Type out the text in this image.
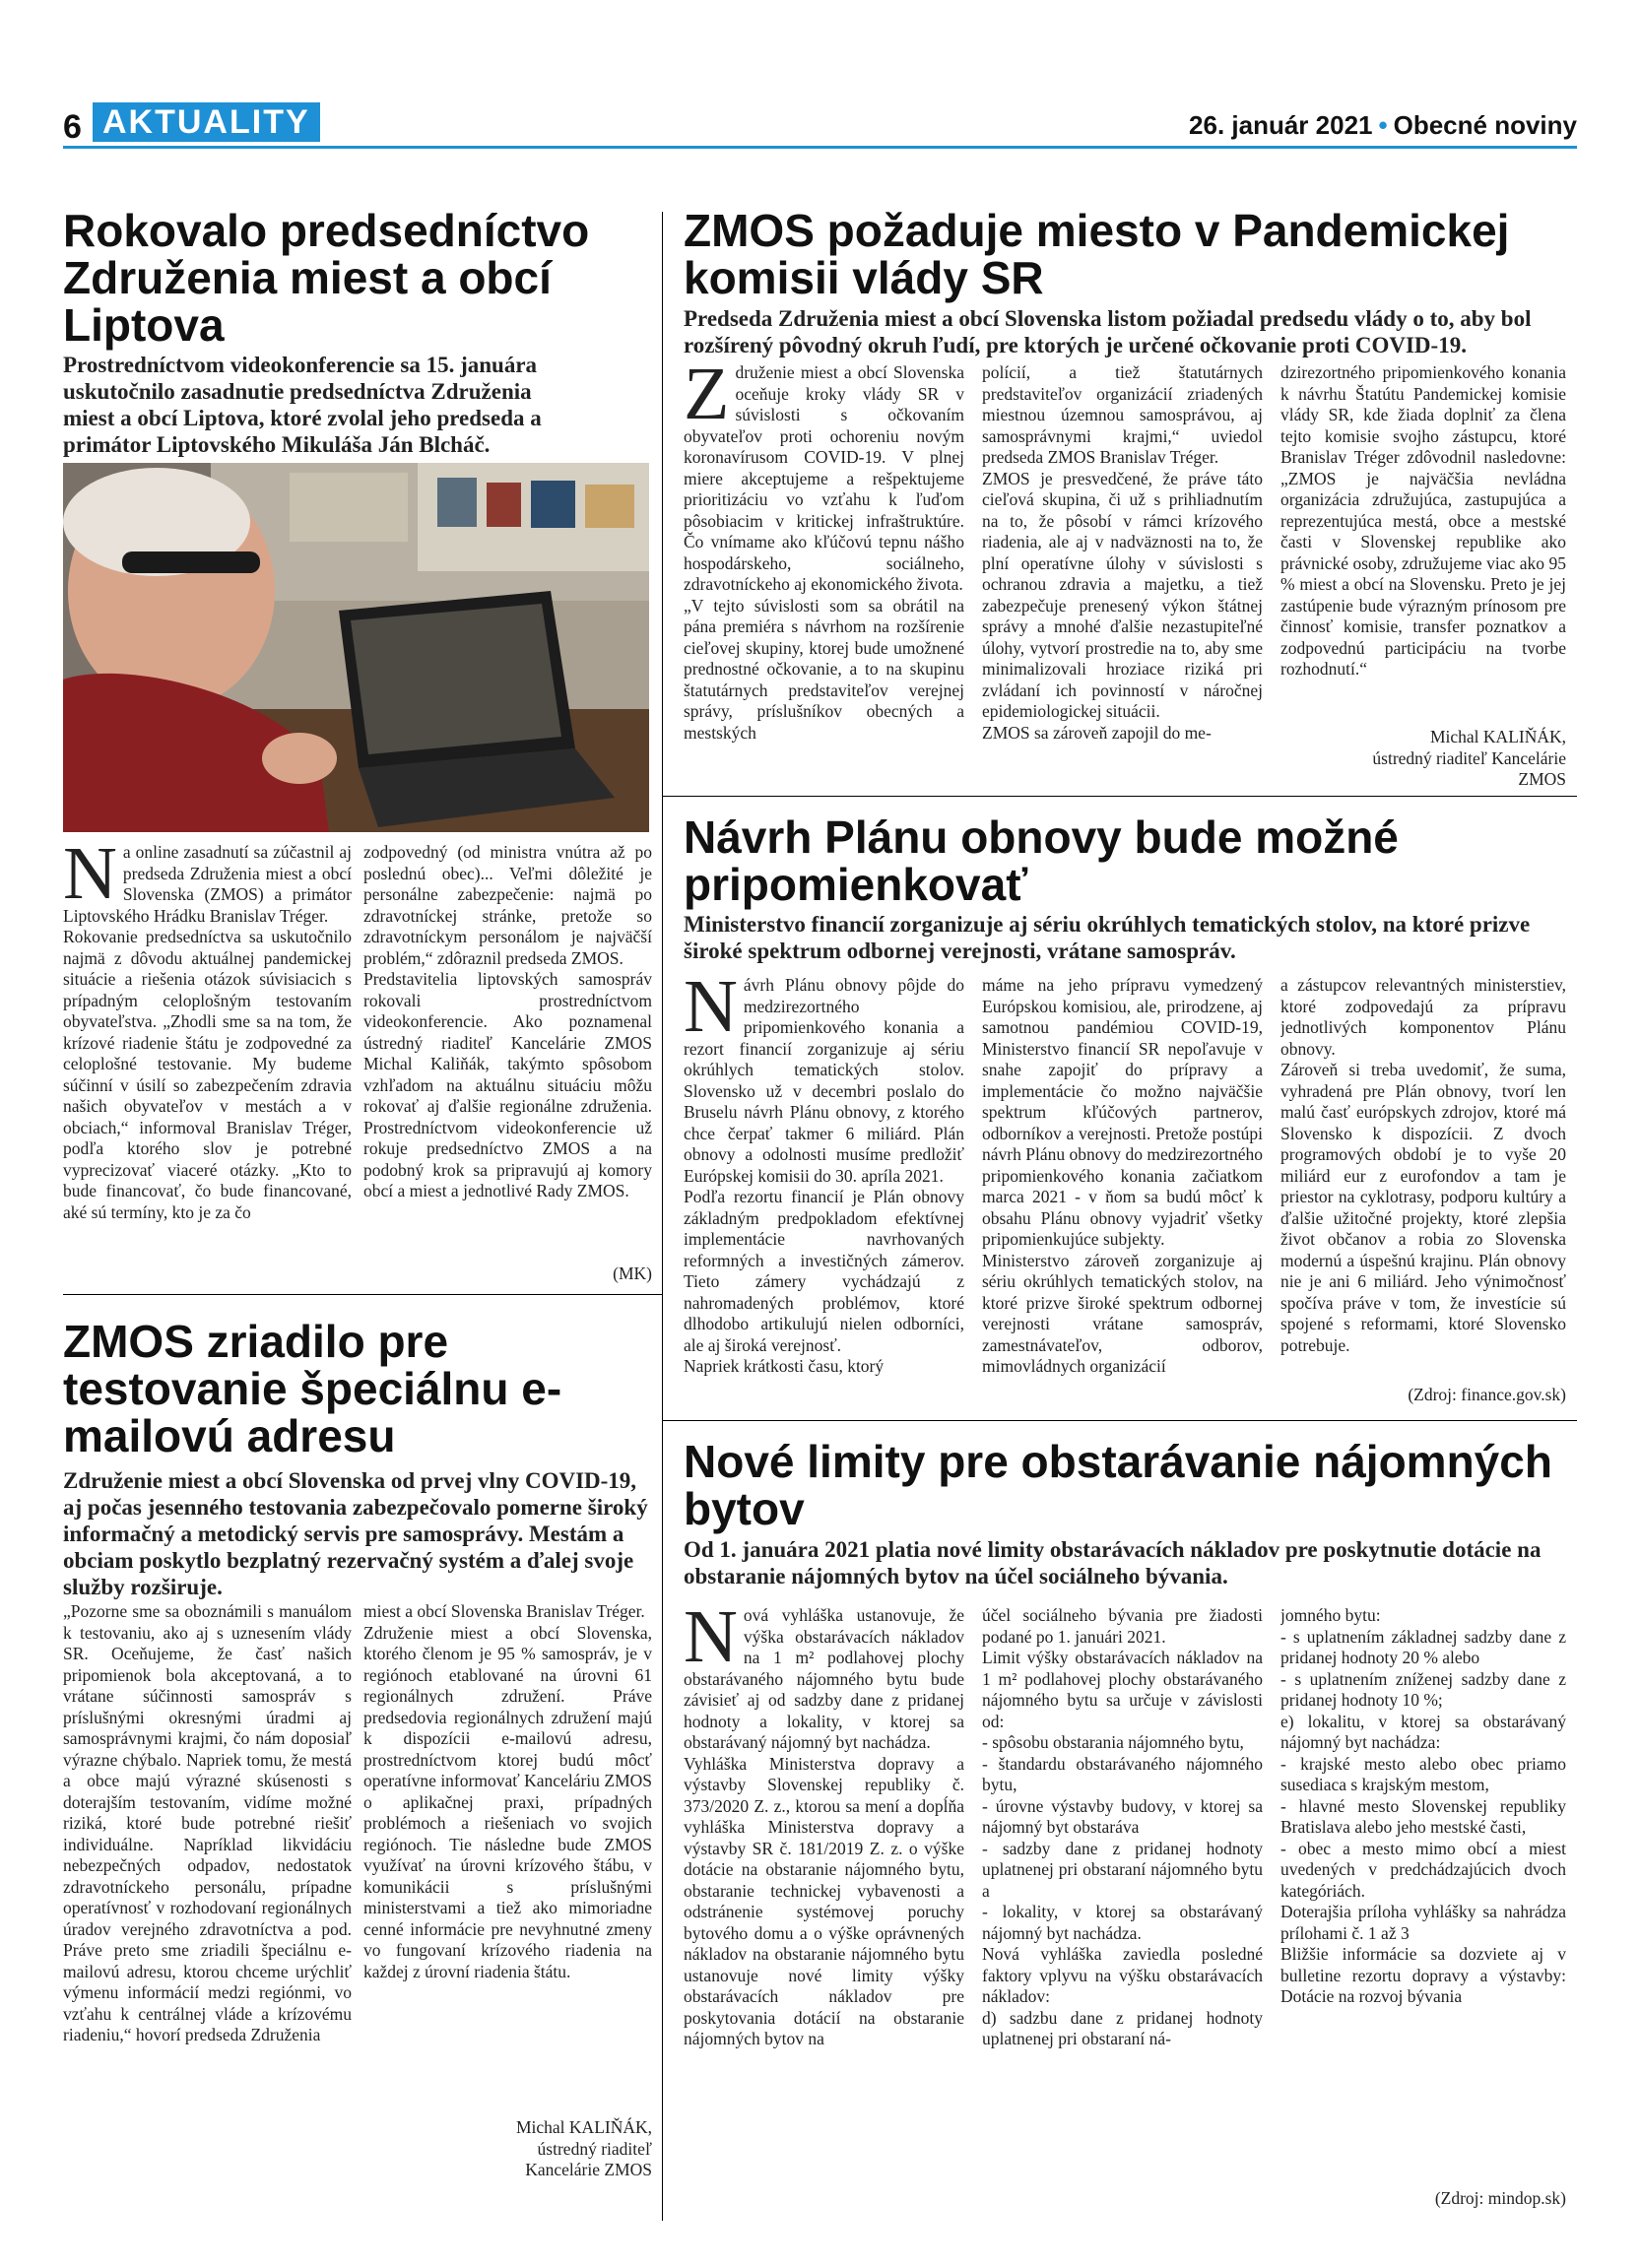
6 AKTUALITY	26. január 2021 • Obecné noviny
Rokovalo predsedníctvo Združenia miest a obcí Liptova

Prostredníctvom videokonferencie sa 15. januára uskutočnilo zasadnutie predsedníctva Združenia miest a obcí Liptova, ktoré zvolal jeho predseda a primátor Liptovského Mikuláša Ján Blcháč.

Na online zasadnutí sa zúčastnil aj predseda Združenia miest a obcí Slovenska (ZMOS) a primátor Liptovského Hrádku Branislav Tréger.
Rokovanie predsedníctva sa uskutočnilo najmä z dôvodu aktuálnej pandemickej situácie a riešenia otázok súvisiacich s prípadným celoplošným testovaním obyvateľstva. „Zhodli sme sa na tom, že krízové riadenie štátu je zodpovedné za celoplošné testovanie. My budeme súčinní v úsilí so zabezpečením zdravia našich obyvateľov v mestách a v obciach,“ informoval Branislav Tréger, podľa ktorého slov je potrebné vyprecizovať viaceré otázky. „Kto to bude financovať, čo bude financované, aké sú termíny, kto je za čo

zodpovedný (od ministra vnútra až po poslednú obec)... Veľmi dôležité je personálne zabezpečenie: najmä po zdravotníckej stránke, pretože so zdravotníckym personálom je najväčší problém,“ zdôraznil predseda ZMOS.
Predstavitelia liptovských samospráv rokovali prostredníctvom videokonferencie. Ako poznamenal ústredný riaditeľ Kancelárie ZMOS Michal Kaliňák, takýmto spôsobom vzhľadom na aktuálnu situáciu môžu rokovať aj ďalšie regionálne združenia. Prostredníctvom videokonferencie už rokuje predsedníctvo ZMOS a na podobný krok sa pripravujú aj komory obcí a miest a jednotlivé Rady ZMOS.

(MK)
ZMOS požaduje miesto v Pandemickej komisii vlády SR

Predseda Združenia miest a obcí Slovenska listom požiadal predsedu vlády o to, aby bol rozšírený pôvodný okruh ľudí, pre ktorých je určené očkovanie proti COVID-19.

Združenie miest a obcí Slovenska oceňuje kroky vlády SR v súvislosti s očkovaním obyvateľov proti ochoreniu novým koronavírusom COVID-19. V plnej miere akceptujeme a rešpektujeme prioritizáciu vo vzťahu k ľuďom pôsobiacim v kritickej infraštruktúre. Čo vnímame ako kľúčovú tepnu nášho hospodárskeho, sociálneho, zdravotníckeho aj ekonomického života.
„V tejto súvislosti som sa obrátil na pána premiéra s návrhom na rozšírenie cieľovej skupiny, ktorej bude umožnené prednostné očkovanie, a to na skupinu štatutárnych predstaviteľov verejnej správy, príslušníkov obecných a mestských

polícií, a tiež štatutárnych predstaviteľov organizácií zriadených miestnou územnou samosprávou, aj samosprávnymi krajmi,“ uviedol predseda ZMOS Branislav Tréger.
ZMOS je presvedčené, že práve táto cieľová skupina, či už s prihliadnutím na to, že pôsobí v rámci krízového riadenia, ale aj v nadväznosti na to, že plní operatívne úlohy v súvislosti s ochranou zdravia a majetku, a tiež zabezpečuje prenesený výkon štátnej správy a mnohé ďalšie nezastupiteľné úlohy, vytvorí prostredie na to, aby sme minimalizovali hroziace riziká pri zvládaní ich povinností v náročnej epidemiologickej situácii.
ZMOS sa zároveň zapojil do me-

dzirezortného pripomienkového konania k návrhu Štatútu Pandemickej komisie vlády SR, kde žiada doplniť za člena tejto komisie svojho zástupcu, ktoré Branislav Tréger zdôvodnil nasledovne: „ZMOS je najväčšia nevládna organizácia združujúca, zastupujúca a reprezentujúca mestá, obce a mestské časti v Slovenskej republike ako právnické osoby, združujeme viac ako 95 % miest a obcí na Slovensku. Preto je jej zastúpenie bude výrazným prínosom pre činnosť komisie, transfer poznatkov a zodpovednú participáciu na tvorbe rozhodnutí.“

Michal KALIŇÁK,
ústredný riaditeľ Kancelárie
ZMOS
Návrh Plánu obnovy bude možné pripomienkovať

Ministerstvo financií zorganizuje aj sériu okrúhlych tematických stolov, na ktoré prizve široké spektrum odbornej verejnosti, vrátane samospráv.

Návrh Plánu obnovy pôjde do medzirezortného pripomienkového konania a rezort financií zorganizuje aj sériu okrúhlych tematických stolov. Slovensko už v decembri poslalo do Bruselu návrh Plánu obnovy, z ktorého chce čerpať takmer 6 miliárd. Plán obnovy a odolnosti musíme predložiť Európskej komisii do 30. apríla 2021.
Podľa rezortu financií je Plán obnovy základným predpokladom efektívnej implementácie navrhovaných reformných a investičných zámerov. Tieto zámery vychádzajú z nahromadených problémov, ktoré dlhodobo artikulujú nielen odborníci, ale aj široká verejnosť.
Napriek krátkosti času, ktorý

máme na jeho prípravu vymedzený Európskou komisiou, ale, prirodzene, aj samotnou pandémiou COVID-19, Ministerstvo financií SR nepoľavuje v snahe zapojiť do prípravy a implementácie čo možno najväčšie spektrum kľúčových partnerov, odborníkov a verejnosti. Pretože postúpi návrh Plánu obnovy do medzirezortného pripomienkového konania začiatkom marca 2021 - v ňom sa budú môcť k obsahu Plánu obnovy vyjadriť všetky pripomienkujúce subjekty.
Ministerstvo zároveň zorganizuje aj sériu okrúhlych tematických stolov, na ktoré prizve široké spektrum odbornej verejnosti vrátane samospráv, zamestnávateľov, odborov, mimovládnych organizácií

a zástupcov relevantných ministerstiev, ktoré zodpovedajú za prípravu jednotlivých komponentov Plánu obnovy.
Zároveň si treba uvedomiť, že suma, vyhradená pre Plán obnovy, tvorí len malú časť európskych zdrojov, ktoré má Slovensko k dispozícii. Z dvoch programových období je to vyše 20 miliárd eur z eurofondov a tam je priestor na cyklotrasy, podporu kultúry a ďalšie užitočné projekty, ktoré zlepšia život občanov a robia zo Slovenska modernú a úspešnú krajinu. Plán obnovy nie je ani 6 miliárd. Jeho výnimočnosť spočíva práve v tom, že investície sú spojené s reformami, ktoré Slovensko potrebuje.

(Zdroj: finance.gov.sk)
ZMOS zriadilo pre testovanie špeciálnu e-mailovú adresu

Združenie miest a obcí Slovenska od prvej vlny COVID-19, aj počas jesenného testovania zabezpečovalo pomerne široký informačný a metodický servis pre samosprávy. Mestám a obciam poskytlo bezplatný rezervačný systém a ďalej svoje služby rozširuje.

„Pozorne sme sa oboznámili s manuálom k testovaniu, ako aj s uznesením vlády SR. Oceňujeme, že časť našich pripomienok bola akceptovaná, a to vrátane súčinnosti samospráv s príslušnými okresnými úradmi aj samosprávnymi krajmi, čo nám doposiaľ výrazne chýbalo. Napriek tomu, že mestá a obce majú výrazné skúsenosti s doterajším testovaním, vidíme možné riziká, ktoré bude potrebné riešiť individuálne. Napríklad likvidáciu nebezpečných odpadov, nedostatok zdravotníckeho personálu, prípadne operatívnosť v rozhodovaní regionálnych úradov verejného zdravotníctva a pod. Práve preto sme zriadili špeciálnu e-mailovú adresu, ktorou chceme urýchliť výmenu informácií medzi regiónmi, vo vzťahu k centrálnej vláde a krízovému riadeniu,“ hovorí predseda Združenia

miest a obcí Slovenska Branislav Tréger.
Združenie miest a obcí Slovenska, ktorého členom je 95 % samospráv, je v regiónoch etablované na úrovni 61 regionálnych združení. Práve predsedovia regionálnych združení majú k dispozícii e-mailovú adresu, prostredníctvom ktorej budú môcť operatívne informovať Kanceláriu ZMOS o aplikačnej praxi, prípadných problémoch a riešeniach vo svojich regiónoch. Tie následne bude ZMOS využívať na úrovni krízového štábu, v komunikácii s príslušnými ministerstvami a tiež ako mimoriadne cenné informácie pre nevyhnutné zmeny vo fungovaní krízového riadenia na každej z úrovní riadenia štátu.

Michal KALIŇÁK,
ústredný riaditeľ
Kancelárie ZMOS
Nové limity pre obstarávanie nájomných bytov

Od 1. januára 2021 platia nové limity obstarávacích nákladov pre poskytnutie dotácie na obstaranie nájomných bytov na účel sociálneho bývania.

Nová vyhláška ustanovuje, že výška obstarávacích nákladov na 1 m² podlahovej plochy obstarávaného nájomného bytu bude závisieť aj od sadzby dane z pridanej hodnoty a lokality, v ktorej sa obstarávaný nájomný byt nachádza.
Vyhláška Ministerstva dopravy a výstavby Slovenskej republiky č. 373/2020 Z. z., ktorou sa mení a dopĺňa vyhláška Ministerstva dopravy a výstavby SR č. 181/2019 Z. z. o výške dotácie na obstaranie nájomného bytu, obstaranie technickej vybavenosti a odstránenie systémovej poruchy bytového domu a o výške oprávnených nákladov na obstaranie nájomného bytu ustanovuje nové limity výšky obstarávacích nákladov pre poskytovania dotácií na obstaranie nájomných bytov na

účel sociálneho bývania pre žiadosti podané po 1. januári 2021.
Limit výšky obstarávacích nákladov na 1 m² podlahovej plochy obstarávaného nájomného bytu sa určuje v závislosti od:
- spôsobu obstarania nájomného bytu,
- štandardu obstarávaného nájomného bytu,
- úrovne výstavby budovy, v ktorej sa nájomný byt obstaráva
- sadzby dane z pridanej hodnoty uplatnenej pri obstaraní nájomného bytu a
- lokality, v ktorej sa obstarávaný nájomný byt nachádza.
Nová vyhláška zaviedla posledné faktory vplyvu na výšku obstarávacích nákladov:
d) sadzbu dane z pridanej hodnoty uplatnenej pri obstaraní ná-

jomného bytu:
- s uplatnením základnej sadzby dane z pridanej hodnoty 20 % alebo
- s uplatnením zníženej sadzby dane z pridanej hodnoty 10 %;
e) lokalitu, v ktorej sa obstarávaný nájomný byt nachádza:
- krajské mesto alebo obec priamo susediaca s krajským mestom,
- hlavné mesto Slovenskej republiky Bratislava alebo jeho mestské časti,
- obec a mesto mimo obcí a miest uvedených v predchádzajúcich dvoch kategóriách.
Doterajšia príloha vyhlášky sa nahrádza prílohami č. 1 až 3
Bližšie informácie sa dozviete aj v bulletine rezortu dopravy a výstavby: Dotácie na rozvoj bývania

(Zdroj: mindop.sk)
